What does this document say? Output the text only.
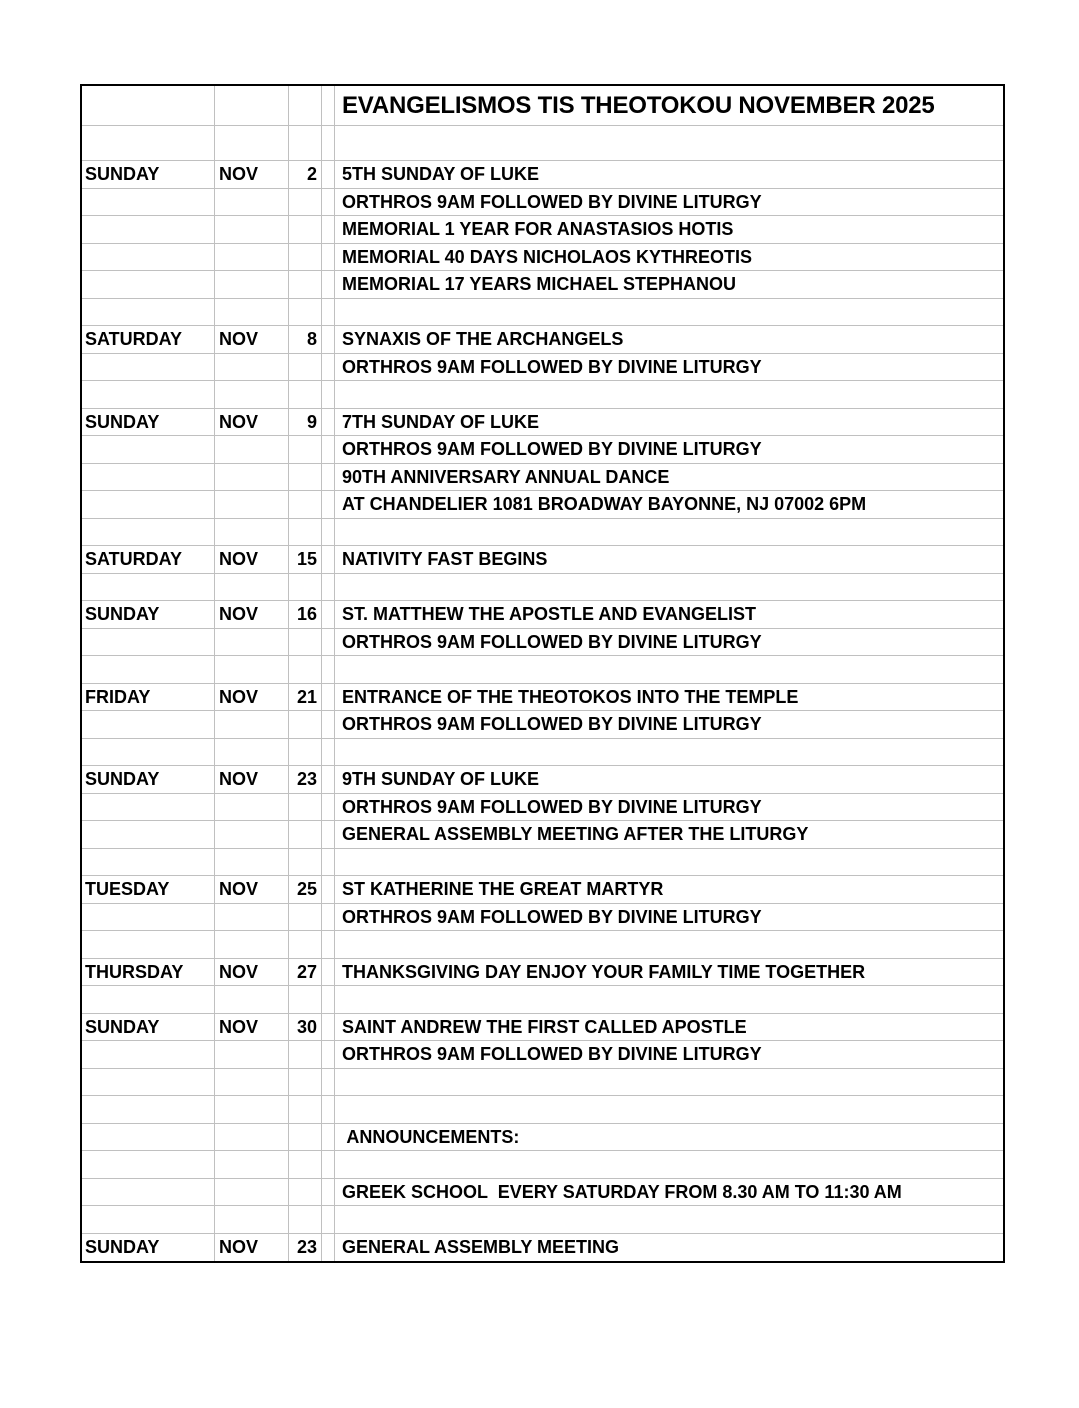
EVANGELISMOS TIS THEOTOKOU NOVEMBER 2025
SUNDAY	NOV	2	5TH SUNDAY OF LUKE
ORTHROS 9AM FOLLOWED BY DIVINE LITURGY
MEMORIAL 1 YEAR FOR ANASTASIOS HOTIS
MEMORIAL 40 DAYS NICHOLAOS KYTHREOTIS
MEMORIAL 17 YEARS MICHAEL STEPHANOU
SATURDAY	NOV	8	SYNAXIS OF THE ARCHANGELS
ORTHROS 9AM FOLLOWED BY DIVINE LITURGY
SUNDAY	NOV	9	7TH SUNDAY OF LUKE
ORTHROS 9AM FOLLOWED BY DIVINE LITURGY
90TH ANNIVERSARY ANNUAL DANCE
AT CHANDELIER 1081 BROADWAY BAYONNE, NJ 07002 6PM
SATURDAY	NOV	15	NATIVITY FAST BEGINS
SUNDAY	NOV	16	ST. MATTHEW THE APOSTLE AND EVANGELIST
ORTHROS 9AM FOLLOWED BY DIVINE LITURGY
FRIDAY	NOV	21	ENTRANCE OF THE THEOTOKOS INTO THE TEMPLE
ORTHROS 9AM FOLLOWED BY DIVINE LITURGY
SUNDAY	NOV	23	9TH SUNDAY OF LUKE
ORTHROS 9AM FOLLOWED BY DIVINE LITURGY
GENERAL ASSEMBLY MEETING AFTER THE LITURGY
TUESDAY	NOV	25	ST KATHERINE THE GREAT MARTYR
ORTHROS 9AM FOLLOWED BY DIVINE LITURGY
THURSDAY	NOV	27	THANKSGIVING DAY ENJOY YOUR FAMILY TIME TOGETHER
SUNDAY	NOV	30	SAINT ANDREW THE FIRST CALLED APOSTLE
ORTHROS 9AM FOLLOWED BY DIVINE LITURGY
ANNOUNCEMENTS:
GREEK SCHOOL  EVERY SATURDAY FROM 8.30 AM TO 11:30 AM
SUNDAY	NOV	23	GENERAL ASSEMBLY MEETING
